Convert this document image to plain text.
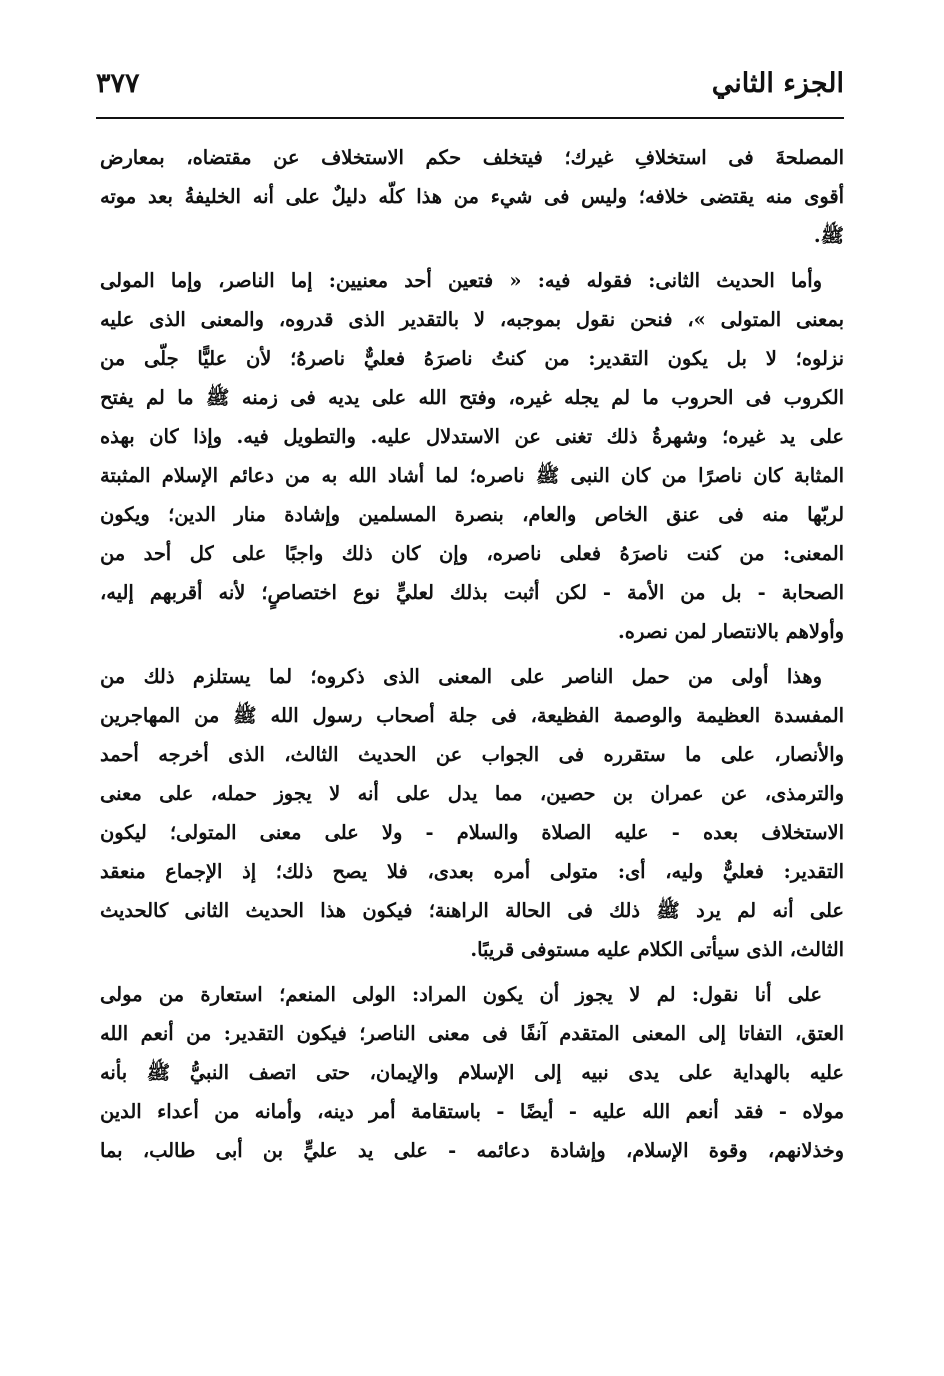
الجزء الثاني
٣٧٧
المصلحةَ فى استخلافِ غيرك؛ فيتخلف حكم الاستخلاف عن مقتضاه، بمعارض
أقوى منه يقتضى خلافه؛ وليس فى شيء من هذا كلّه دليلٌ على أنه الخليفةُ بعد موته
ﷺ.
وأما الحديث الثانى: فقوله فيه: « فتعين أحد معنيين: إما الناصر، وإما المولى
بمعنى المتولى »، فنحن نقول بموجبه، لا بالتقدير الذى قدروه، والمعنى الذى عليه
نزلوه؛ لا بل يكون التقدير: من كنتُ ناصرَهُ فعليٌّ ناصرهُ؛ لأن عليًّا جلّى من
الكروب فى الحروب ما لم يجله غيره، وفتح الله على يديه فى زمنه ﷺ ما لم يفتح
على يد غيره؛ وشهرةُ ذلك تغنى عن الاستدلال عليه. والتطويل فيه. وإذا كان بهذه
المثابة كان ناصرًا من كان النبى ﷺ ناصره؛ لما أشاد الله به من دعائم الإسلام المثبتة
لربّها منه فى عنق الخاص والعام، بنصرة المسلمين وإشادة منار الدين؛ ويكون
المعنى: من كنت ناصرَهُ فعلى ناصره، وإن كان ذلك واجبًا على كل أحد من
الصحابة - بل من الأمة - لكن أثبت بذلك لعليٍّ نوع اختصاصٍ؛ لأنه أقربهم إليه،
وأولاهم بالانتصار لمن نصره.
وهذا أولى من حمل الناصر على المعنى الذى ذكروه؛ لما يستلزم ذلك من
المفسدة العظيمة والوصمة الفظيعة، فى جلة أصحاب رسول الله ﷺ من المهاجرين
والأنصار، على ما ستقرره فى الجواب عن الحديث الثالث، الذى أخرجه أحمد
والترمذى، عن عمران بن حصين، مما يدل على أنه لا يجوز حمله، على معنى
الاستخلاف بعده - عليه الصلاة والسلام - ولا على معنى المتولى؛ ليكون
التقدير: فعليٌّ وليه، أى: متولى أمره بعدى، فلا يصح ذلك؛ إذ الإجماع منعقد
على أنه لم يرد ﷺ ذلك فى الحالة الراهنة؛ فيكون هذا الحديث الثانى كالحديث
الثالث، الذى سيأتى الكلام عليه مستوفى قريبًا.
على أنا نقول: لم لا يجوز أن يكون المراد: الولى المنعم؛ استعارة من مولى
العتق، التفاتا إلى المعنى المتقدم آنفًا فى معنى الناصر؛ فيكون التقدير: من أنعم الله
عليه بالهداية على يدى نبيه إلى الإسلام والإيمان، حتى اتصف النبيُّ ﷺ بأنه
مولاه - فقد أنعم الله عليه - أيضًا - باستقامة أمر دينه، وأمانه من أعداء الدين
وخذلانهم، وقوة الإسلام، وإشادة دعائمه - على يد عليٍّ بن أبى طالب، بما
